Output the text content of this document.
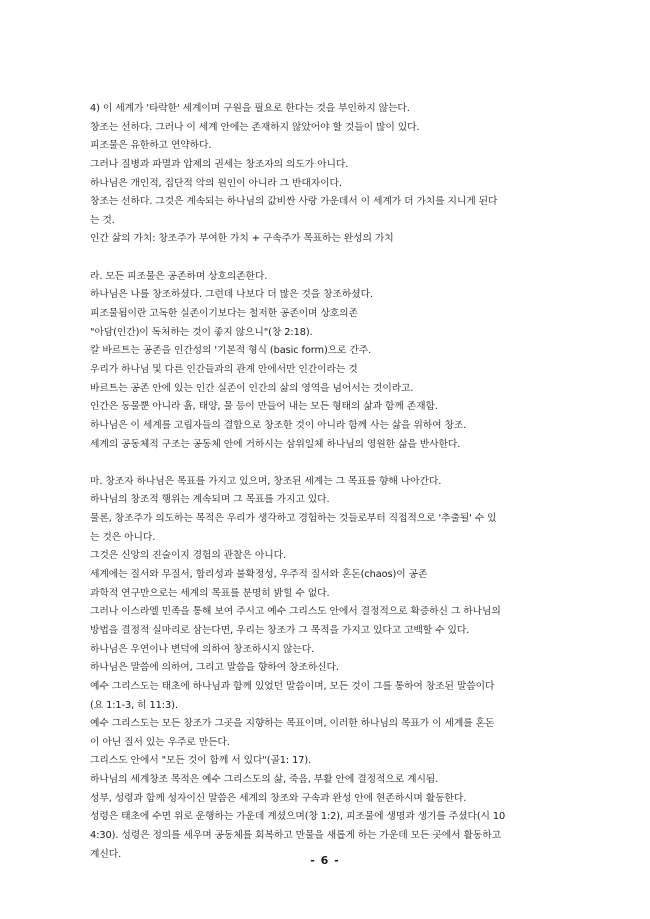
4) 이 세계가 '타락한' 세계이며 구원을 필요로 한다는 것을 부인하지 않는다.
창조는 선하다. 그러나 이 세계 안에는 존재하지 않았어야 할 것들이 많이 있다.
피조물은 유한하고 연약하다.
그러나 질병과 파멸과 압제의 권세는 창조자의 의도가 아니다.
하나님은 개인적, 집단적 악의 원인이 아니라 그 반대자이다.
창조는 선하다. 그것은 계속되는 하나님의 값비싼 사랑 가운데서 이 세계가 더 가치를 지니게 된다
는 것.
인간 삶의 가치: 창조주가 부여한 가치 + 구속주가 목표하는 완성의 가치
라. 모든 피조물은 공존하며 상호의존한다.
하나님은 나를 창조하셨다. 그런데 나보다 더 많은 것을 창조하셨다.
피조물됨이란 고독한 실존이기보다는 철저한 공존이며 상호의존
"아담(인간)이 독처하는 것이 좋지 않으니"(창 2:18).
칼 바르트는 공존을 인간성의 '기본적 형식 (basic form)으로 간주.
우리가 하나님 및 다른 인간들과의 관계 안에서만 인간이라는 것
바르트는 공존 안에 있는 인간 실존이 인간의 삶의 영역을 넘어서는 것이라고.
인간은 동물뿐 아니라 흙, 태양, 물 등이 만들어 내는 모든 형태의 삶과 함께 존재함.
하나님은 이 세계를 고립자들의 결합으로 창조한 것이 아니라 함께 사는 삶을 위하여 창조.
세계의 공동체적 구조는 공동체 안에 거하시는 삼위일체 하나님의 영원한 삶을 반사한다.
마. 창조자 하나님은 목표를 가지고 있으며, 창조된 세계는 그 목표를 향해 나아간다.
하나님의 창조적 행위는 계속되며 그 목표를 가지고 있다.
물론, 창조주가 의도하는 목적은 우리가 생각하고 경험하는 것들로부터 직접적으로 '추출될' 수 있
는 것은 아니다.
그것은 신앙의 진술이지 경험의 관찰은 아니다.
세계에는 질서와 무질서, 합리성과 불확정성, 우주적 질서와 혼돈(chaos)이 공존
과학적 연구만으로는 세계의 목표를 분명히 밝힐 수 없다.
그러나 이스라엘 민족을 통해 보여 주시고 예수 그리스도 안에서 결정적으로 확증하신 그 하나님의
방법을 결정적 실마리로 삼는다면, 우리는 창조가 그 목적을 가지고 있다고 고백할 수 있다.
하나님은 우연이나 변덕에 의하여 창조하시지 않는다.
하나님은 말씀에 의하여, 그리고 말씀을 향하여 창조하신다.
예수 그리스도는 태초에 하나님과 함께 있었던 말씀이며, 모든 것이 그를 통하여 창조된 말씀이다
(요 1:1-3, 히 11:3).
예수 그리스도는 모든 창조가 그곳을 지향하는 목표이며, 이러한 하나님의 목표가 이 세계를 혼돈
이 아닌 질서 있는 우주로 만든다.
그리스도 안에서 "모든 것이 함께 서 있다"(골1: 17).
하나님의 세계창조 목적은 예수 그리스도의 삶, 죽음, 부활 안에 결정적으로 계시됨.
성부, 성령과 함께 성자이신 말씀은 세계의 창조와 구속과 완성 안에 현존하시며 활동한다.
성령은 태초에 수면 위로 운행하는 가운데 계셨으며(창 1:2), 피조물에 생명과 생기를 주셨다(시 10
4:30). 성령은 정의를 세우며 공동체를 회복하고 만물을 새롭게 하는 가운데 모든 곳에서 활동하고
계신다.	- 6 -
